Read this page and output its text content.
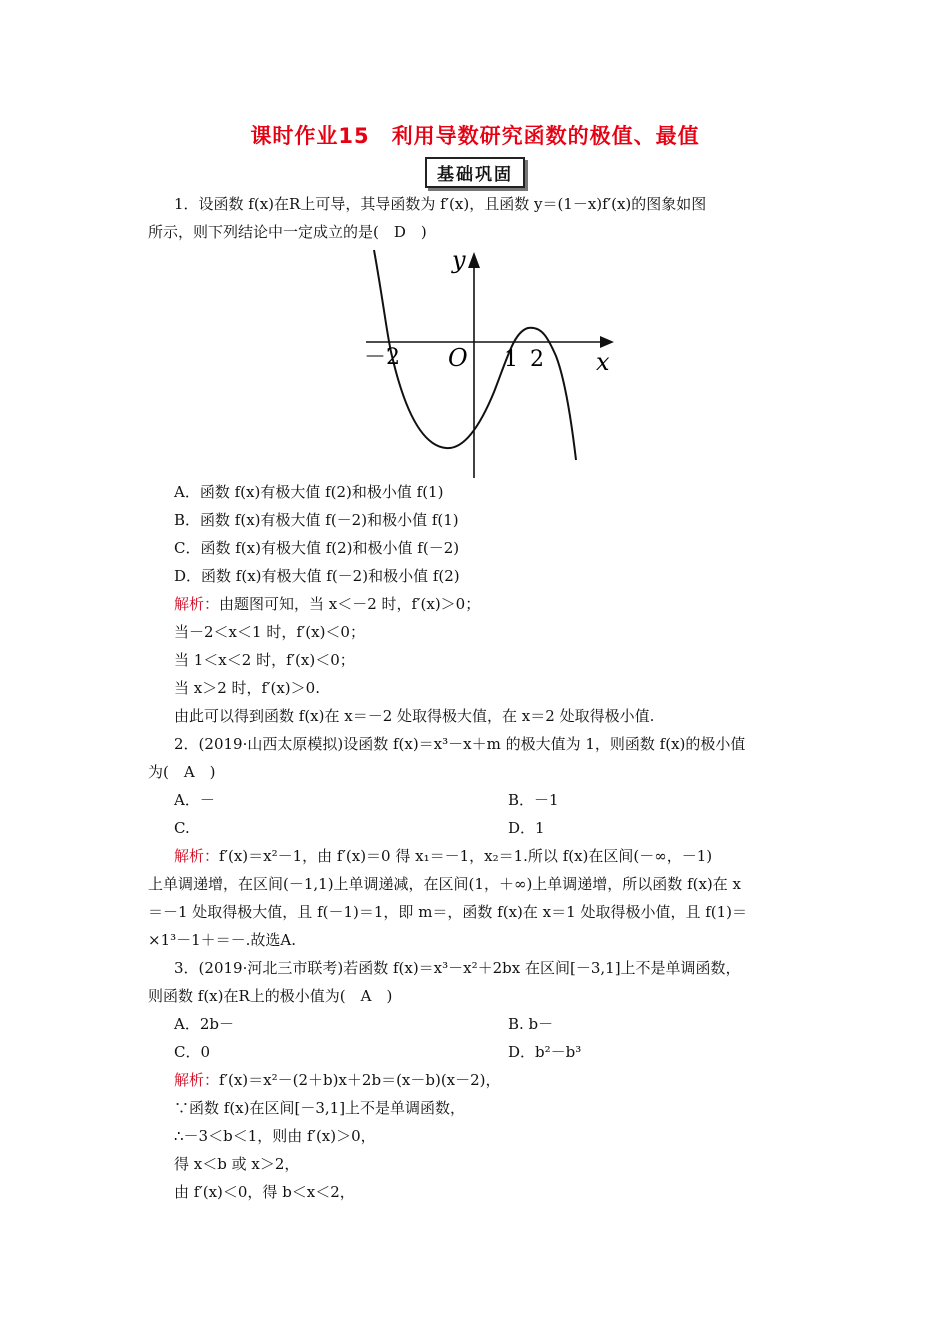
课时作业15　利用导数研究函数的极值、最值
基础巩固

1．设函数 f(x)在R上可导，其导函数为 f′(x)，且函数 y＝(1－x)f′(x)的图象如图

所示，则下列结论中一定成立的是(　D　)

A．函数 f(x)有极大值 f(2)和极小值 f(1)

B．函数 f(x)有极大值 f(－2)和极小值 f(1)

C．函数 f(x)有极大值 f(2)和极小值 f(－2)

D．函数 f(x)有极大值 f(－2)和极小值 f(2)

解析：由题图可知，当 x＜－2 时，f′(x)＞0；

当－2＜x＜1 时，f′(x)＜0；

当 1＜x＜2 时，f′(x)＜0；

当 x＞2 时，f′(x)＞0.

由此可以得到函数 f(x)在 x＝－2 处取得极大值，在 x＝2 处取得极小值.

2．(2019·山西太原模拟)设函数 f(x)＝x³－x＋m 的极大值为 1，则函数 f(x)的极小值

为(　A　)

A．－	B．－1
C.	D．1

解析：f′(x)＝x²－1，由 f′(x)＝0 得 x₁＝－1，x₂＝1.所以 f(x)在区间(－∞，－1)

上单调递增，在区间(－1,1)上单调递减，在区间(1，＋∞)上单调递增，所以函数 f(x)在 x

＝－1 处取得极大值，且 f(－1)＝1，即 m＝，函数 f(x)在 x＝1 处取得极小值，且 f(1)＝

×1³－1＋＝－.故选A.

3．(2019·河北三市联考)若函数 f(x)＝x³－x²＋2bx 在区间[－3,1]上不是单调函数，

则函数 f(x)在R上的极小值为(　A　)

A．2b－	B. b－
C．0	D．b²－b³

解析：f′(x)＝x²－(2＋b)x＋2b＝(x－b)(x－2)，

∵函数 f(x)在区间[－3,1]上不是单调函数，

∴－3＜b＜1，则由 f′(x)＞0，

得 x＜b 或 x＞2，

由 f′(x)＜0，得 b＜x＜2，

y
x
O
－2	1 2
